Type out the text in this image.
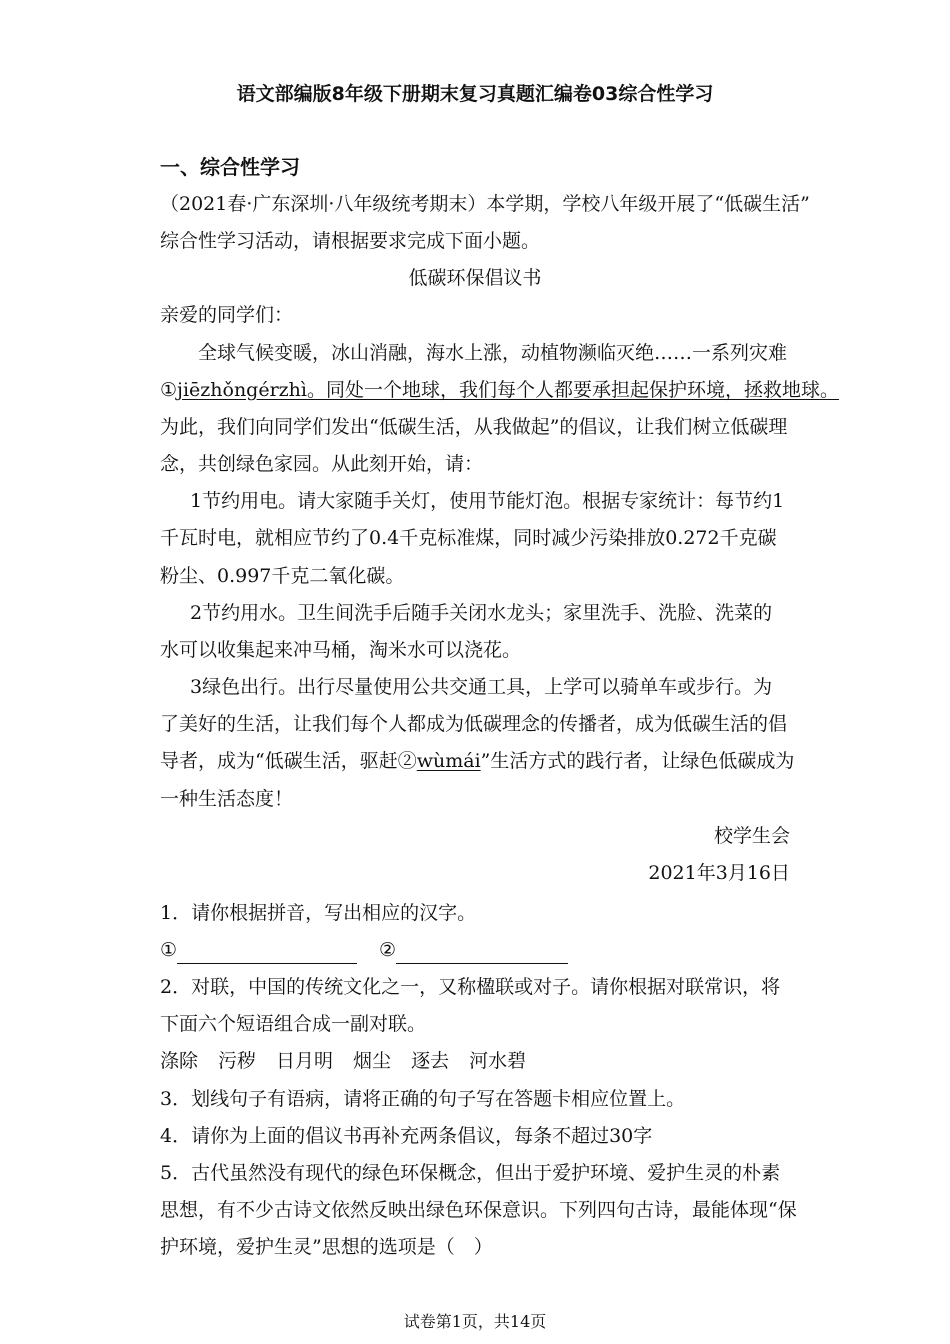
语文部编版8年级下册期末复习真题汇编卷03综合性学习
一、综合性学习
（2021春·广东深圳·八年级统考期末）本学期，学校八年级开展了“低碳生活”
综合性学习活动，请根据要求完成下面小题。
低碳环保倡议书
亲爱的同学们：
全球气候变暖，冰山消融，海水上涨，动植物濒临灭绝……一系列灾难
①jiēzhǒngérzhì。同处一个地球，我们每个人都要承担起保护环境，拯救地球。
为此，我们向同学们发出“低碳生活，从我做起”的倡议，让我们树立低碳理
念，共创绿色家园。从此刻开始，请：
1节约用电。请大家随手关灯，使用节能灯泡。根据专家统计：每节约1
千瓦时电，就相应节约了0.4千克标准煤，同时减少污染排放0.272千克碳
粉尘、0.997千克二氧化碳。
2节约用水。卫生间洗手后随手关闭水龙头；家里洗手、洗脸、洗菜的
水可以收集起来冲马桶，淘米水可以浇花。
3绿色出行。出行尽量使用公共交通工具，上学可以骑单车或步行。为
了美好的生活，让我们每个人都成为低碳理念的传播者，成为低碳生活的倡
导者，成为“低碳生活，驱赶②wùmái”生活方式的践行者，让绿色低碳成为
一种生活态度！
校学生会
2021年3月16日
1．请你根据拼音，写出相应的汉字。
①	②
2．对联，中国的传统文化之一，又称楹联或对子。请你根据对联常识，将
下面六个短语组合成一副对联。
涤除 污秽 日月明 烟尘 逐去 河水碧
3．划线句子有语病，请将正确的句子写在答题卡相应位置上。
4．请你为上面的倡议书再补充两条倡议，每条不超过30字
5．古代虽然没有现代的绿色环保概念，但出于爱护环境、爱护生灵的朴素
思想，有不少古诗文依然反映出绿色环保意识。下列四句古诗，最能体现“保
护环境，爱护生灵”思想的选项是（　）
试卷第1页，共14页
